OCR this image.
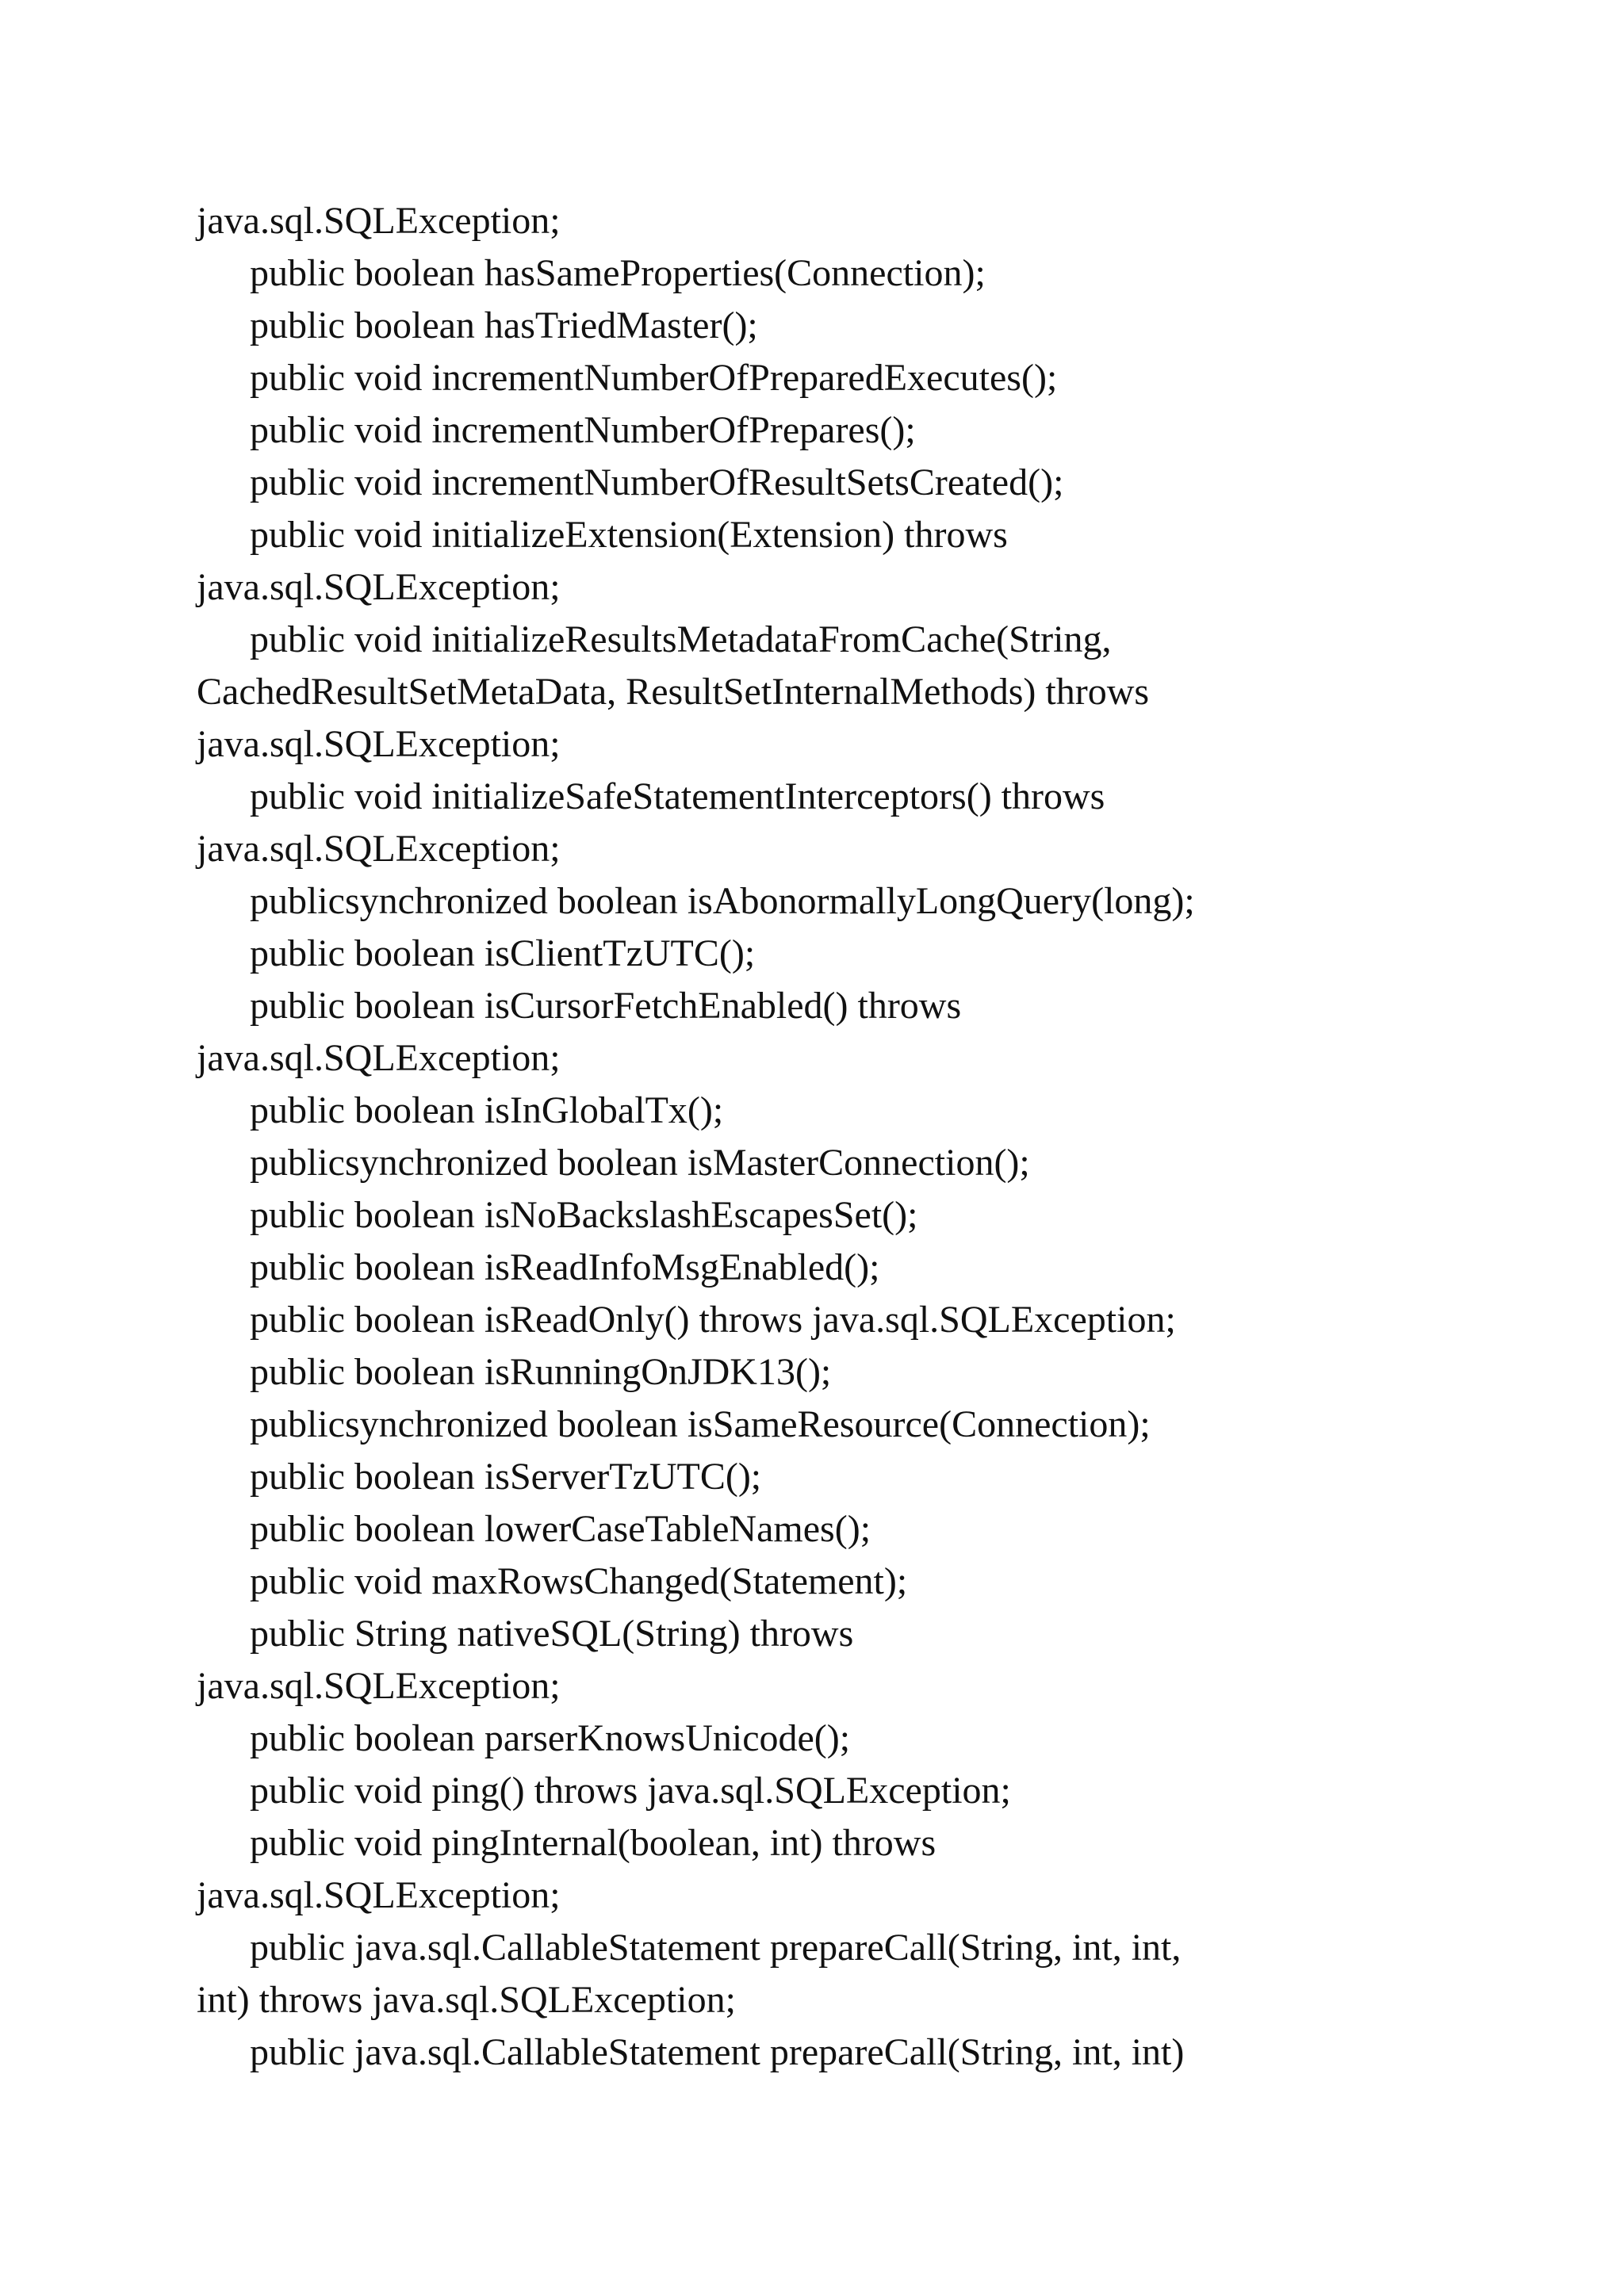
java.sql.SQLException;
public boolean hasSameProperties(Connection);
public boolean hasTriedMaster();
public void incrementNumberOfPreparedExecutes();
public void incrementNumberOfPrepares();
public void incrementNumberOfResultSetsCreated();
public void initializeExtension(Extension) throws
java.sql.SQLException;
public void initializeResultsMetadataFromCache(String,
CachedResultSetMetaData, ResultSetInternalMethods) throws
java.sql.SQLException;
public void initializeSafeStatementInterceptors() throws
java.sql.SQLException;
publicsynchronized boolean isAbonormallyLongQuery(long);
public boolean isClientTzUTC();
public boolean isCursorFetchEnabled() throws
java.sql.SQLException;
public boolean isInGlobalTx();
publicsynchronized boolean isMasterConnection();
public boolean isNoBackslashEscapesSet();
public boolean isReadInfoMsgEnabled();
public boolean isReadOnly() throws java.sql.SQLException;
public boolean isRunningOnJDK13();
publicsynchronized boolean isSameResource(Connection);
public boolean isServerTzUTC();
public boolean lowerCaseTableNames();
public void maxRowsChanged(Statement);
public String nativeSQL(String) throws
java.sql.SQLException;
public boolean parserKnowsUnicode();
public void ping() throws java.sql.SQLException;
public void pingInternal(boolean, int) throws
java.sql.SQLException;
public java.sql.CallableStatement prepareCall(String, int, int,
int) throws java.sql.SQLException;
public java.sql.CallableStatement prepareCall(String, int, int)
